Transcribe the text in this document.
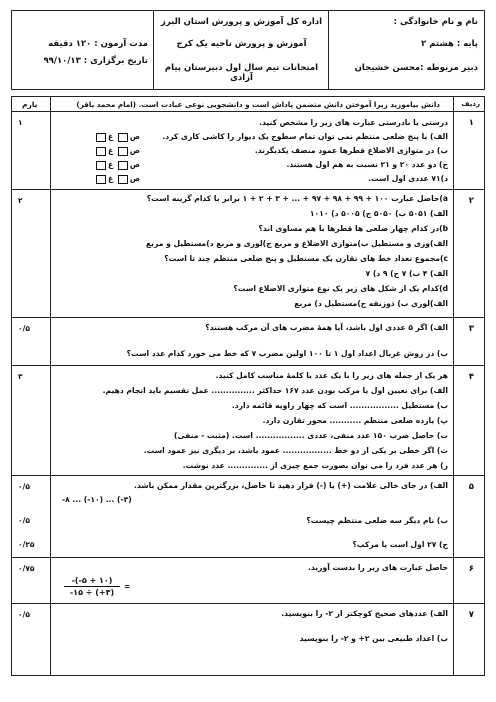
نام و نام خانوادگی :
پایه : هشتم ۲
دبیر مربوطه :محسن خشیجان
اداره کل آموزش و پرورش استان البرز
آموزش و پرورش ناحیه یک کرج
امتحانات نیم سال اول دبیرستان پیام آزادی
مدت آزمون : ۱۲۰ دقیقه
تاریخ برگزاری : ۹۹/۱۰/۱۳
ردیف
دانش بیاموزید زیرا آموختن دانش متضمن پاداش است و دانشجویی نوعی عبادت است. (امام محمد باقر)
بارم
۱
درستی یا نادرستی عبارت های زیر را مشخص کنید.
الف) با پنج ضلعی منتظم نمی توان تمام سطوح یک دیوار را کاشی کاری کرد.
ب) در متوازی الاضلاع قطرها عمود منصف یکدیگرند.
ج) دو عدد ۲۰ و ۲۱ نسبت به هم اول هستند.
د)۷۱ عددی اول است.
ص غ
ص غ
ص غ
ص غ
۱
۲
a)حاصل عبارت ۱۰۰ + ۹۹ + ۹۸ + ۹۷ + ... + ۳ + ۲ + ۱ برابر با کدام گزینه است؟
الف) ۵۰۵۱ ب) ۵۰۵۰ ج) ۵۰۰۵ د) ۱۰۱۰
b)در کدام چهار ضلعی ها قطرها با هم مساوی اند؟
الف)وزی و مستطیل ب)متوازی الاضلاع و مربع ج)لوزی و مربع د)مستطیل و مربع
c)مجموع تعداد خط های تقارن یک مستطیل و پنج ضلعی منتظم چند تا است؟
الف) ۴ ب) ۷ ج) ۹ د) ۷
d)کدام یک از شکل های زیر یک نوع متوازی الاضلاع است؟
الف)لوزی ب) ذوزنقه ج)مستطیل د) مربع
۲
۳
الف) اگر ۵ عددی اول باشد، آیا همهٔ مضرب های آن مرکب هستند؟
ب) در روش غربال اعداد اول ۱ تا ۱۰۰ اولین مضرب ۷ که خط می خورد کدام عدد است؟
۰/۵
۴
هر یک از جمله های زیر را با یک عدد یا کلمهٔ مناسب کامل کنید.
الف) برای تعیین اول یا مرکب بودن عدد ۱۶۷ حداکثر ............... عمل تقسیم باید انجام دهیم.
ب) مستطیل ................. است که چهار زاویه قائمه دارد.
پ) یازده ضلعی منتظم ........... محور تقارن دارد.
ت) حاصل ضرب ۱۵۰ عدد منفی، عددی ................. است. (مثبت - منفی)
ث) اگر خطی بر یکی از دو خط ................. عمود باشد، بر دیگری نیز عمود است.
ر) هر عدد فرد را می توان بصورت جمع چیزی از .............. عدد نوشت.
۳
۵
الف) در جای خالی علامت (+) یا (-) قرار دهید تا حاصل، بزرگترین مقدار ممکن باشد.
-۸ ... (-۱۰) ... (-۳)
ب) نام دیگر سه ضلعی منتظم چیست؟
ج) ۲۷ اول است یا مرکب؟
۰/۵
۰/۵
۰/۲۵
۶
حاصل عبارت های زیر را بدست آورید.
-(-۵ + ۱۰)
-۱۵ ÷ (+۳)
=
۰/۷۵
۷
الف) عددهای صحیح کوچکتر از ۲- را بنویسید.
ب) اعداد طبیعی بین ۲+ و ۲- را بنویسید
۰/۵
